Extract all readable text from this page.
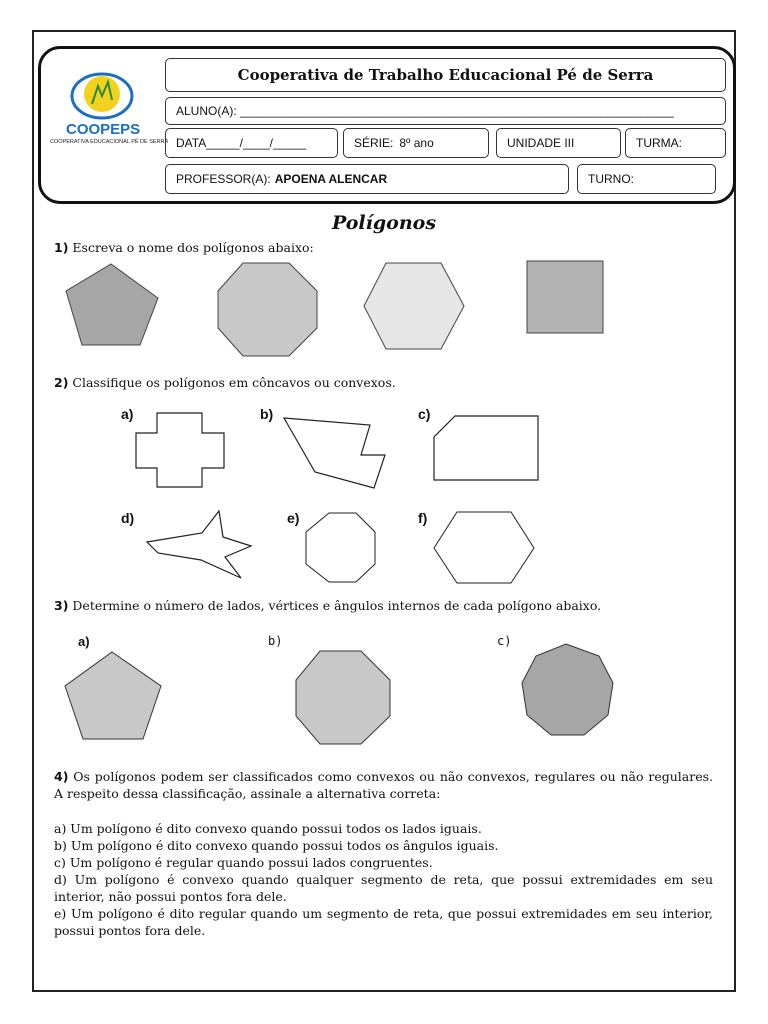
COOPEPS
COOPERATIVA EDUCACIONAL PÉ DE SERRA
Cooperativa de Trabalho Educacional Pé de Serra
ALUNO(A): _________________________________________________________________
DATA_____/____/_____	SÉRIE: 8º ano	UNIDADE III	TURMA:
PROFESSOR(A): APOENA ALENCAR	TURNO:
Polígonos
1) Escreva o nome dos polígonos abaixo:
2) Classifique os polígonos em côncavos ou convexos.
a)	b)	c)
d)	e)	f)
3) Determine o número de lados, vértices e ângulos internos de cada polígono abaixo.
a)	b)	c)
4) Os polígonos podem ser classificados como convexos ou não convexos, regulares ou não regulares. A respeito dessa classificação, assinale a alternativa correta:
a) Um polígono é dito convexo quando possui todos os lados iguais.
b) Um polígono é dito convexo quando possui todos os ângulos iguais.
c) Um polígono é regular quando possui lados congruentes.
d) Um polígono é convexo quando qualquer segmento de reta, que possui extremidades em seu interior, não possui pontos fora dele.
e) Um polígono é dito regular quando um segmento de reta, que possui extremidades em seu interior, possui pontos fora dele.
